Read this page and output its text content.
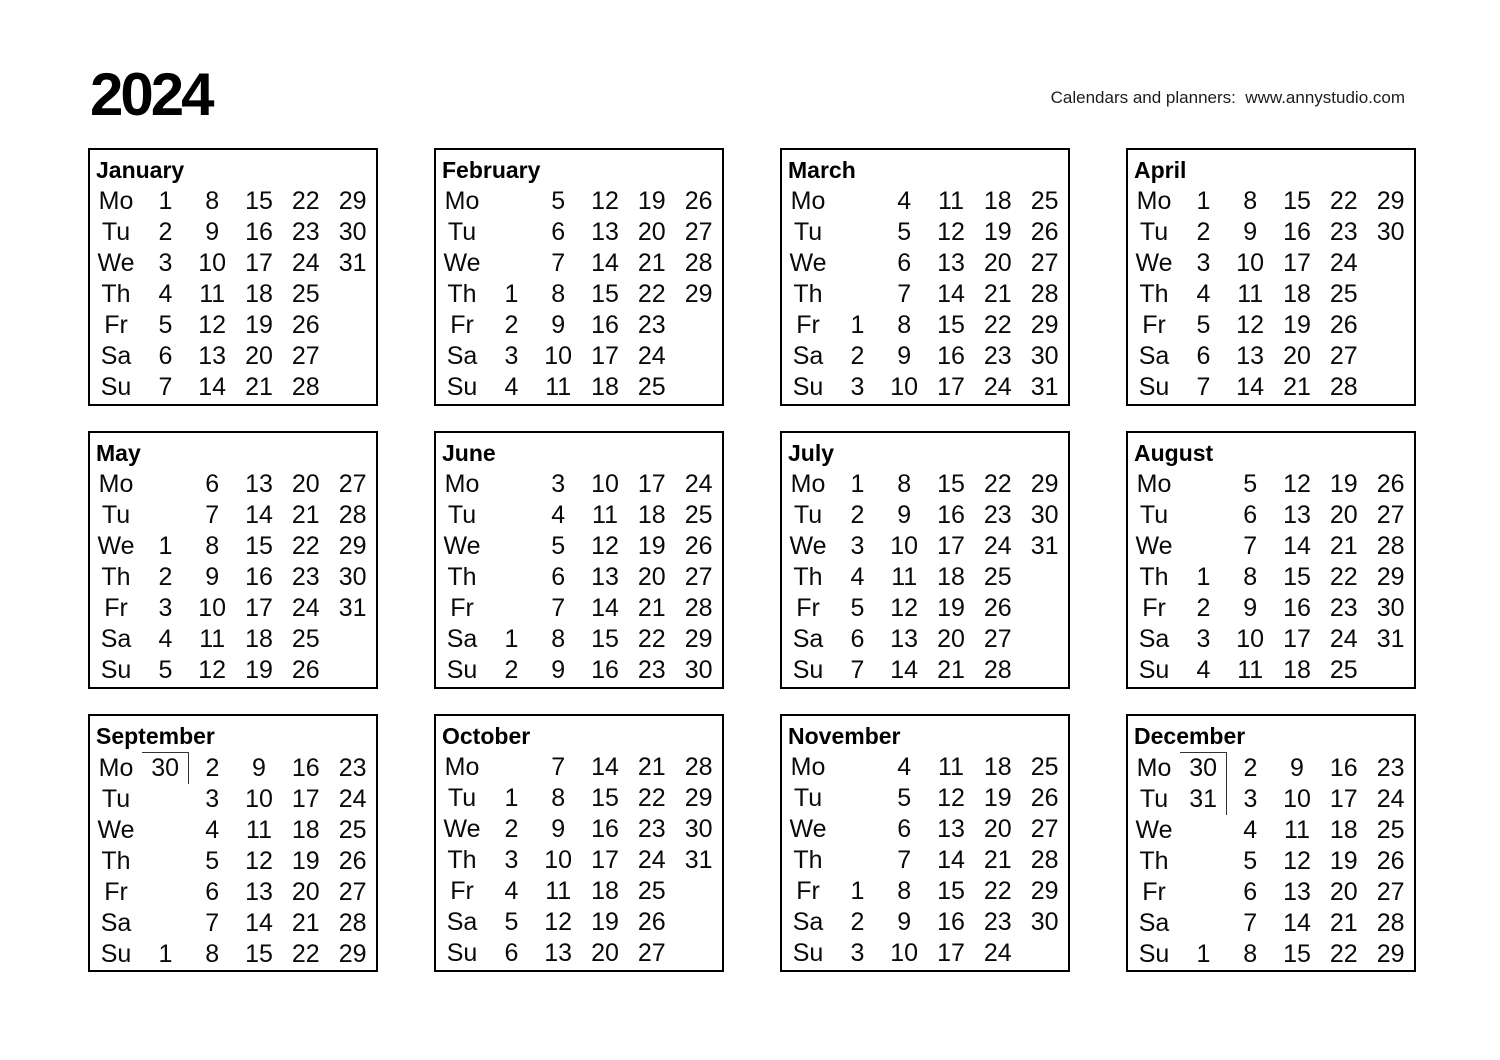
2024	Calendars and planners:  www.annystudio.com
January
Mo	1	8	15	22	29
Tu	2	9	16	23	30
We	3	10	17	24	31
Th	4	11	18	25	
Fr	5	12	19	26	
Sa	6	13	20	27	
Su	7	14	21	28	
February
Mo		5	12	19	26
Tu		6	13	20	27
We		7	14	21	28
Th	1	8	15	22	29
Fr	2	9	16	23	
Sa	3	10	17	24	
Su	4	11	18	25	
March
Mo		4	11	18	25
Tu		5	12	19	26
We		6	13	20	27
Th		7	14	21	28
Fr	1	8	15	22	29
Sa	2	9	16	23	30
Su	3	10	17	24	31
April
Mo	1	8	15	22	29
Tu	2	9	16	23	30
We	3	10	17	24	
Th	4	11	18	25	
Fr	5	12	19	26	
Sa	6	13	20	27	
Su	7	14	21	28	
May
Mo		6	13	20	27
Tu		7	14	21	28
We	1	8	15	22	29
Th	2	9	16	23	30
Fr	3	10	17	24	31
Sa	4	11	18	25	
Su	5	12	19	26	
June
Mo		3	10	17	24
Tu		4	11	18	25
We		5	12	19	26
Th		6	13	20	27
Fr		7	14	21	28
Sa	1	8	15	22	29
Su	2	9	16	23	30
July
Mo	1	8	15	22	29
Tu	2	9	16	23	30
We	3	10	17	24	31
Th	4	11	18	25	
Fr	5	12	19	26	
Sa	6	13	20	27	
Su	7	14	21	28	
August
Mo		5	12	19	26
Tu		6	13	20	27
We		7	14	21	28
Th	1	8	15	22	29
Fr	2	9	16	23	30
Sa	3	10	17	24	31
Su	4	11	18	25	
September
Mo	30	2	9	16	23
Tu		3	10	17	24
We		4	11	18	25
Th		5	12	19	26
Fr		6	13	20	27
Sa		7	14	21	28
Su	1	8	15	22	29
October
Mo		7	14	21	28
Tu	1	8	15	22	29
We	2	9	16	23	30
Th	3	10	17	24	31
Fr	4	11	18	25	
Sa	5	12	19	26	
Su	6	13	20	27	
November
Mo		4	11	18	25
Tu		5	12	19	26
We		6	13	20	27
Th		7	14	21	28
Fr	1	8	15	22	29
Sa	2	9	16	23	30
Su	3	10	17	24	
December
Mo	30	2	9	16	23
Tu	31	3	10	17	24
We		4	11	18	25
Th		5	12	19	26
Fr		6	13	20	27
Sa		7	14	21	28
Su	1	8	15	22	29
